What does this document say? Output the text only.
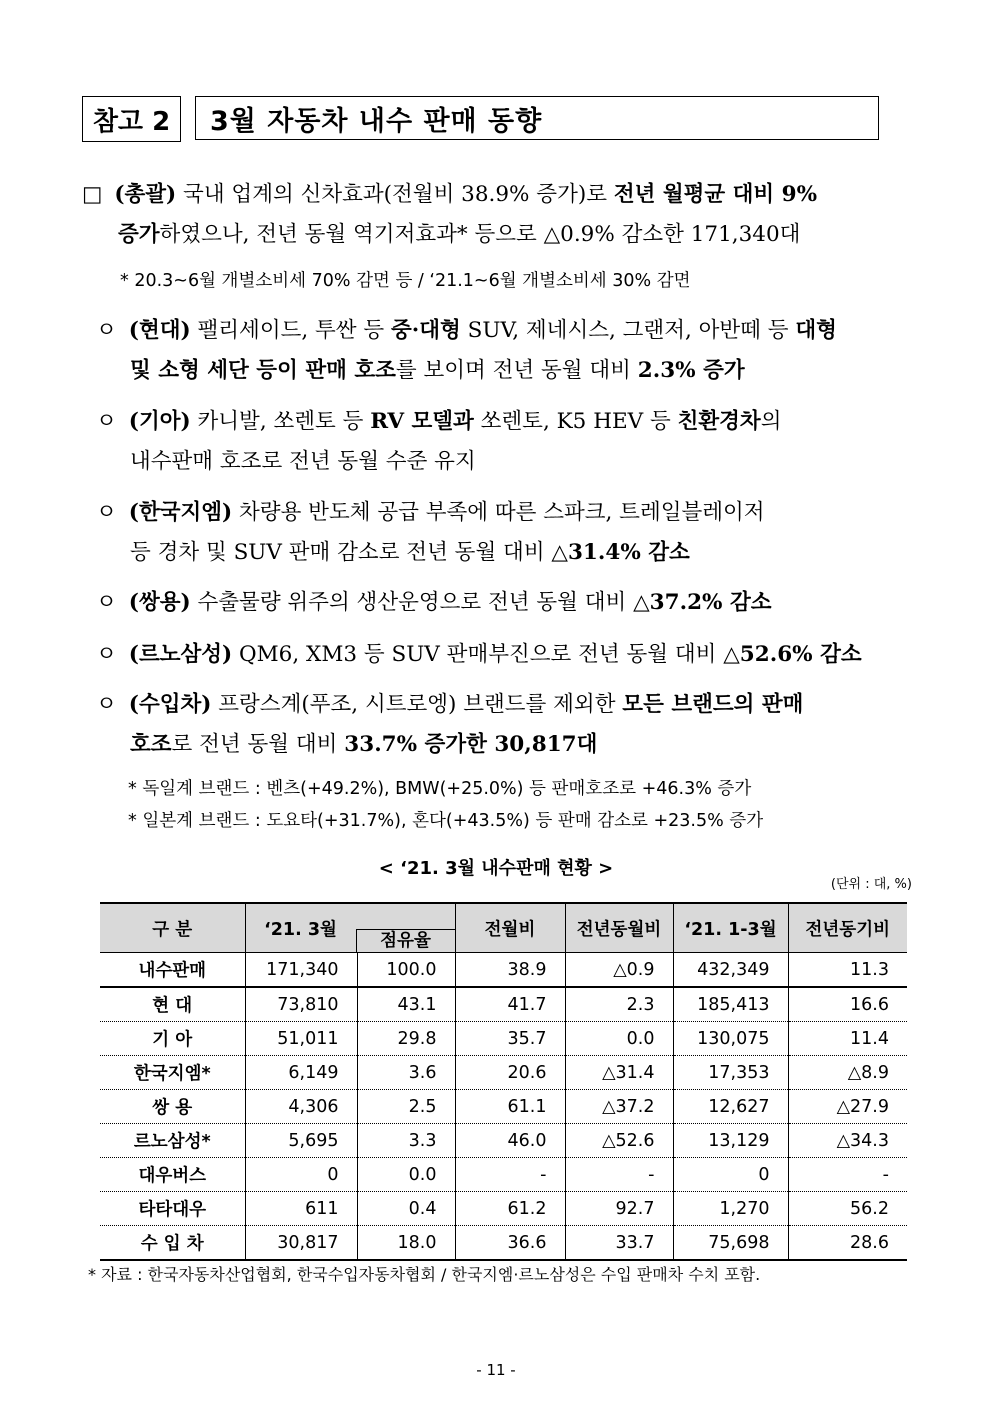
참고 2	3월 자동차 내수 판매 동향
□ (총괄) 국내 업계의 신차효과(전월비 38.9% 증가)로 전년 월평균 대비 9%
증가하였으나, 전년 동월 역기저효과* 등으로 △0.9% 감소한 171,340대
ㅇ (현대) 팰리세이드, 투싼 등 중·대형 SUV, 제네시스, 그랜저, 아반떼 등 대형
및 소형 세단 등이 판매 호조를 보이며 전년 동월 대비 2.3% 증가
ㅇ (기아) 카니발, 쏘렌토 등 RV 모델과 쏘렌토, K5 HEV 등 친환경차의
내수판매 호조로 전년 동월 수준 유지
ㅇ (한국지엠) 차량용 반도체 공급 부족에 따른 스파크, 트레일블레이저
등 경차 및 SUV 판매 감소로 전년 동월 대비 △31.4% 감소
ㅇ (쌍용) 수출물량 위주의 생산운영으로 전년 동월 대비 △37.2% 감소
ㅇ (르노삼성) QM6, XM3 등 SUV 판매부진으로 전년 동월 대비 △52.6% 감소
ㅇ (수입차) 프랑스계(푸조, 시트로엥) 브랜드를 제외한 모든 브랜드의 판매
호조로 전년 동월 대비 33.7% 증가한 30,817대
* 20.3~6월 개별소비세 70% 감면 등 / ‘21.1~6월 개별소비세 30% 감면
* 독일계 브랜드 : 벤츠(+49.2%), BMW(+25.0%) 등 판매호조로 +46.3% 증가
* 일본계 브랜드 : 도요타(+31.7%), 혼다(+43.5%) 등 판매 감소로 +23.5% 증가
< ‘21. 3월 내수판매 현황 >
(단위 : 대, %)
구 분	‘21. 3월
점유율		전월비	전년동월비	‘21. 1-3월	전년동기비
내수판매	171,340	100.0	38.9	△0.9	432,349	11.3
현 대	73,810	43.1	41.7	2.3	185,413	16.6
기 아	51,011	29.8	35.7	0.0	130,075	11.4
한국지엠*	6,149	3.6	20.6	△31.4	17,353	△8.9
쌍 용	4,306	2.5	61.1	△37.2	12,627	△27.9
르노삼성*	5,695	3.3	46.0	△52.6	13,129	△34.3
대우버스	0	0.0	-	-	0	-
타타대우	611	0.4	61.2	92.7	1,270	56.2
수 입 차	30,817	18.0	36.6	33.7	75,698	28.6
* 자료 : 한국자동차산업협회, 한국수입자동차협회 / 한국지엠·르노삼성은 수입 판매차 수치 포함.
- 11 -
